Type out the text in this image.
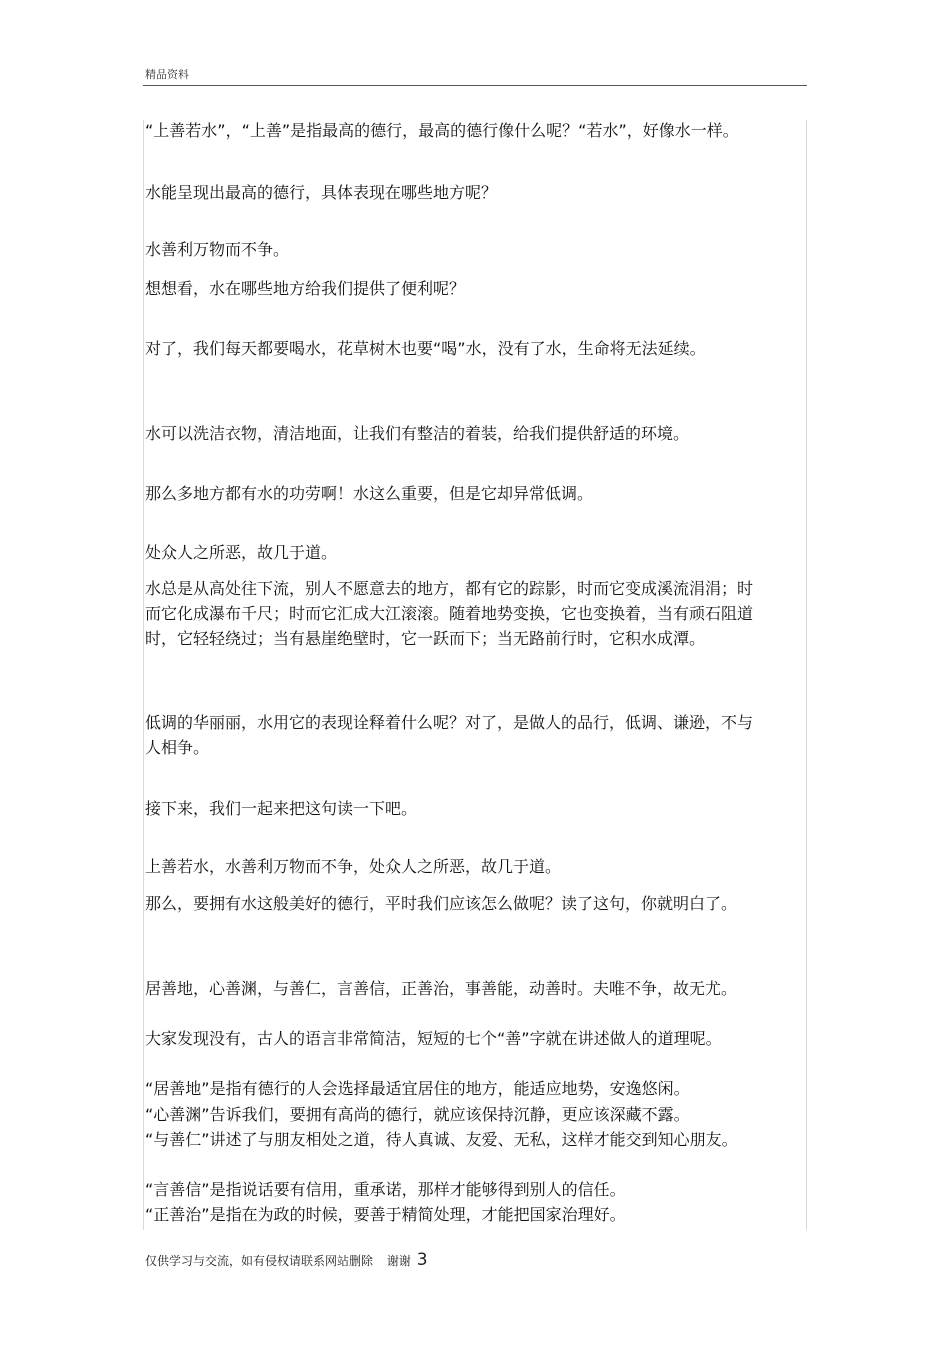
精品资料

“上善若水”，“上善”是指最高的德行，最高的德行像什么呢？“若水”，好像水一样。

水能呈现出最高的德行，具体表现在哪些地方呢？

水善利万物而不争。

想想看，水在哪些地方给我们提供了便利呢？

对了，我们每天都要喝水，花草树木也要“喝”水，没有了水，生命将无法延续。

水可以洗洁衣物，清洁地面，让我们有整洁的着装，给我们提供舒适的环境。

那么多地方都有水的功劳啊！水这么重要，但是它却异常低调。

处众人之所恶，故几于道。

水总是从高处往下流，别人不愿意去的地方，都有它的踪影，时而它变成溪流涓涓；时而它化成瀑布千尺；时而它汇成大江滚滚。随着地势变换，它也变换着，当有顽石阻道时，它轻轻绕过；当有悬崖绝壁时，它一跃而下；当无路前行时，它积水成潭。

低调的华丽丽，水用它的表现诠释着什么呢？对了，是做人的品行，低调、谦逊，不与人相争。

接下来，我们一起来把这句读一下吧。

上善若水，水善利万物而不争，处众人之所恶，故几于道。

那么，要拥有水这般美好的德行，平时我们应该怎么做呢？读了这句，你就明白了。

居善地，心善渊，与善仁，言善信，正善治，事善能，动善时。夫唯不争，故无尤。

大家发现没有，古人的语言非常简洁，短短的七个“善”字就在讲述做人的道理呢。

“居善地”是指有德行的人会选择最适宜居住的地方，能适应地势，安逸悠闲。

“心善渊”告诉我们，要拥有高尚的德行，就应该保持沉静，更应该深藏不露。

“与善仁”讲述了与朋友相处之道，待人真诚、友爱、无私，这样才能交到知心朋友。

“言善信”是指说话要有信用，重承诺，那样才能够得到别人的信任。

“正善治”是指在为政的时候，要善于精简处理，才能把国家治理好。

仅供学习与交流，如有侵权请联系网站删除 谢谢 3
